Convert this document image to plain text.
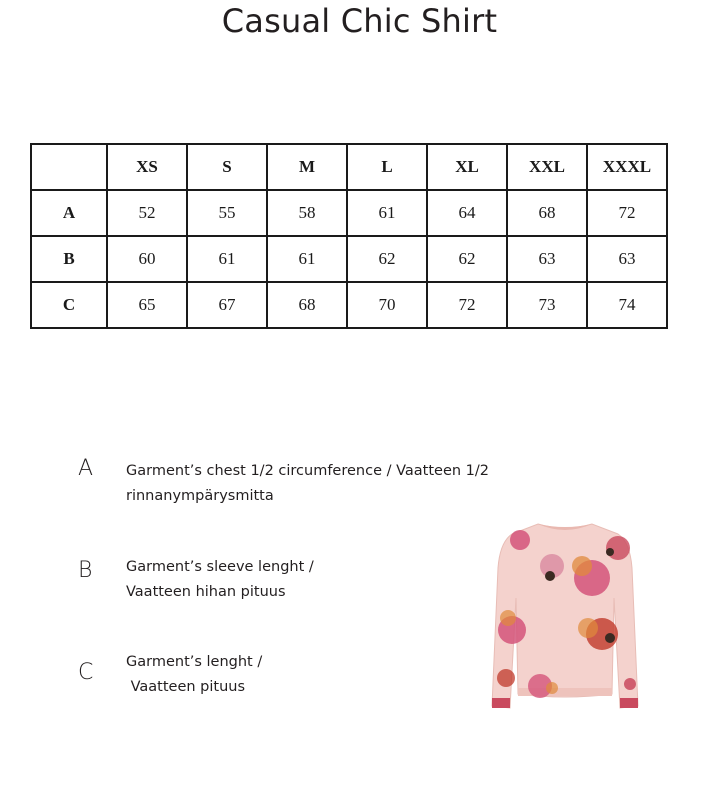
Casual Chic Shirt
	XS	S	M	L	XL	XXL	XXXL
A	52	55	58	61	64	68	72
B	60	61	61	62	62	63	63
C	65	67	68	70	72	73	74
A Garment’s chest 1/2 circumference / Vaatteen 1/2
rinnanympärysmitta
B Garment’s sleeve lenght /
Vaatteen hihan pituus
C Garment’s lenght /
Vaatteen pituus
